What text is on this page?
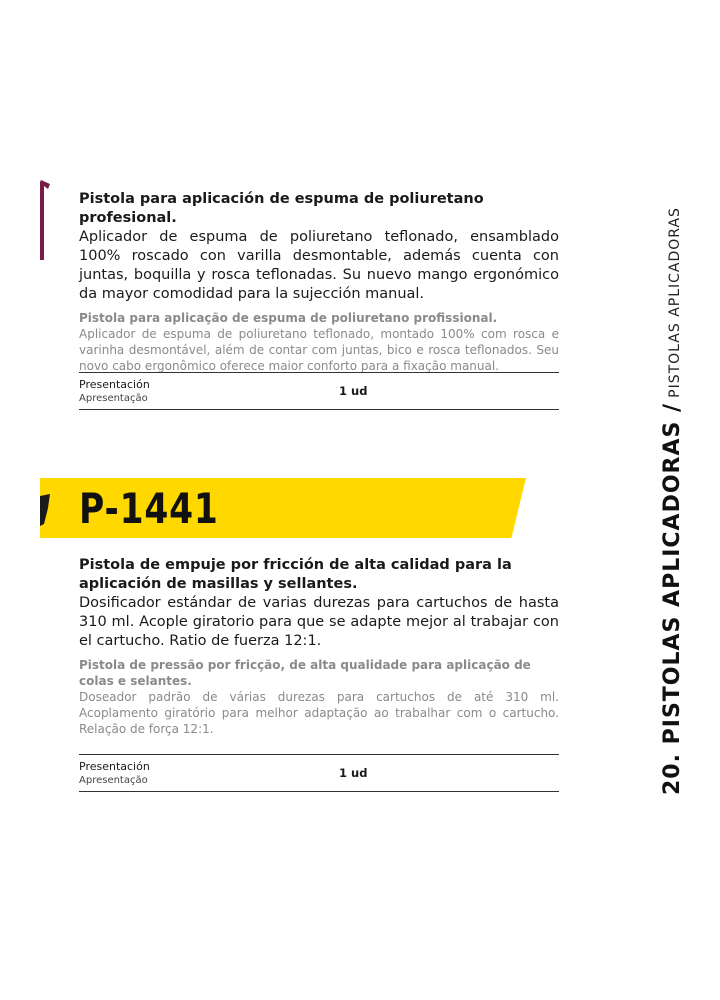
Pistola para aplicación de espuma de poliuretano profesional.

Aplicador de espuma de poliuretano teflonado, ensamblado 100% roscado con varilla desmontable, además cuenta con juntas, boquilla y rosca teflonadas. Su nuevo mango ergonómico da mayor comodidad para la sujección manual.

Pistola para aplicação de espuma de poliuretano profissional.

Aplicador de espuma de poliuretano teflonado, montado 100% com rosca e varinha desmontável, além de contar com juntas, bico e rosca teflonados. Seu novo cabo ergonômico oferece maior conforto para a fixação manual.

Presentación
Apresentação
1 ud
P-1441

Pistola de empuje por fricción de alta calidad para la aplicación de masillas y sellantes.

Dosificador estándar de varias durezas para cartuchos de hasta 310 ml. Acople giratorio para que se adapte mejor al trabajar con el cartucho. Ratio de fuerza 12:1.

Pistola de pressão por fricção, de alta qualidade para aplicação de colas e selantes.

Doseador padrão de várias durezas para cartuchos de até 310 ml. Acoplamento giratório para melhor adaptação ao trabalhar com o cartucho. Relação de força 12:1.

Presentación
Apresentação
1 ud	20. PISTOLAS APLICADORAS / PISTOLAS APLICADORAS
